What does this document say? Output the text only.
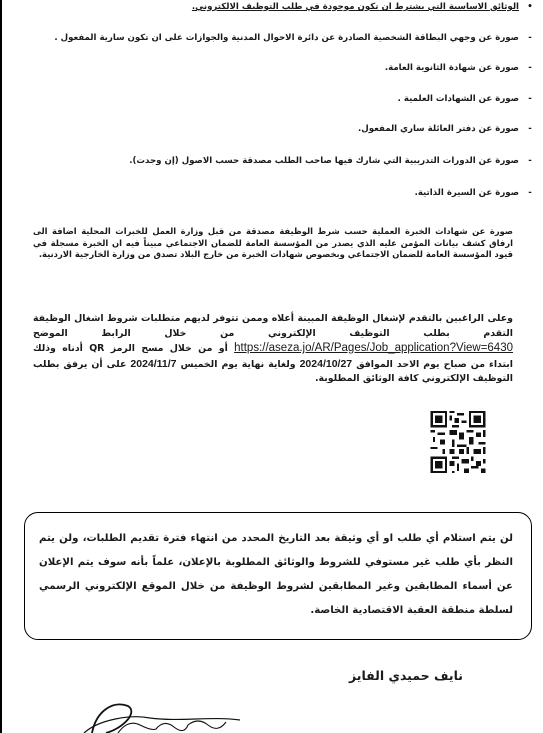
•الوثائق الاساسية التي يشترط ان تكون موجودة في طلب التوظيف الالكتروني.
-صورة عن وجهي البطاقة الشخصية الصادرة عن دائرة الاحوال المدنية والجوازات على ان تكون سارية المفعول .
-صورة عن شهادة الثانوية العامة.
-صورة عن الشهادات العلمية .
-صورة عن دفتر العائلة ساري المفعول.
-صورة عن الدورات التدريبية التي شارك فيها صاحب الطلب مصدقة حسب الاصول (إن وجدت).
-صورة عن السيرة الذاتية.

صورة عن شهادات الخبرة العملية حسب شرط الوظيفة مصدقة من قبل وزارة العمل للخبرات المحلية اضافة الى ارفاق كشف بيانات المؤمن عليه الذي يصدر من المؤسسة العامة للضمان الاجتماعي مبيناً فيه ان الخبرة مسجلة في قيود المؤسسة العامة للضمان الاجتماعي وبخصوص شهادات الخبرة من خارج البلاد تصدق من وزارة الخارجية الاردنية.

وعلى الراغبين بالتقدم لإشغال الوظيفة المبينة أعلاه وممن تتوفر لديهم متطلبات شروط اشغال الوظيفة التقدم بطلب التوظيف الإلكتروني من خلال الرابط الموضح https://aseza.jo/AR/Pages/Job_application?View=6430 أو من خلال مسح الرمز QR أدناه وذلك ابتداء من صباح يوم الاحد الموافق 2024/10/27 ولغاية نهاية يوم الخميس 2024/11/7 على أن يرفق بطلب التوظيف الإلكتروني كافة الوثائق المطلوبة.

لن يتم استلام أي طلب او أي وثيقة بعد التاريخ المحدد من انتهاء فترة تقديم الطلبات، ولن يتم النظر بأي طلب غير مستوفي للشروط والوثائق المطلوبة بالإعلان، علماً بأنه سوف يتم الإعلان عن أسماء المطابقين وغير المطابقين لشروط الوظيفة من خلال الموقع الإلكتروني الرسمي لسلطة منطقة العقبة الاقتصادية الخاصة.

نايف حميدي الفايز
